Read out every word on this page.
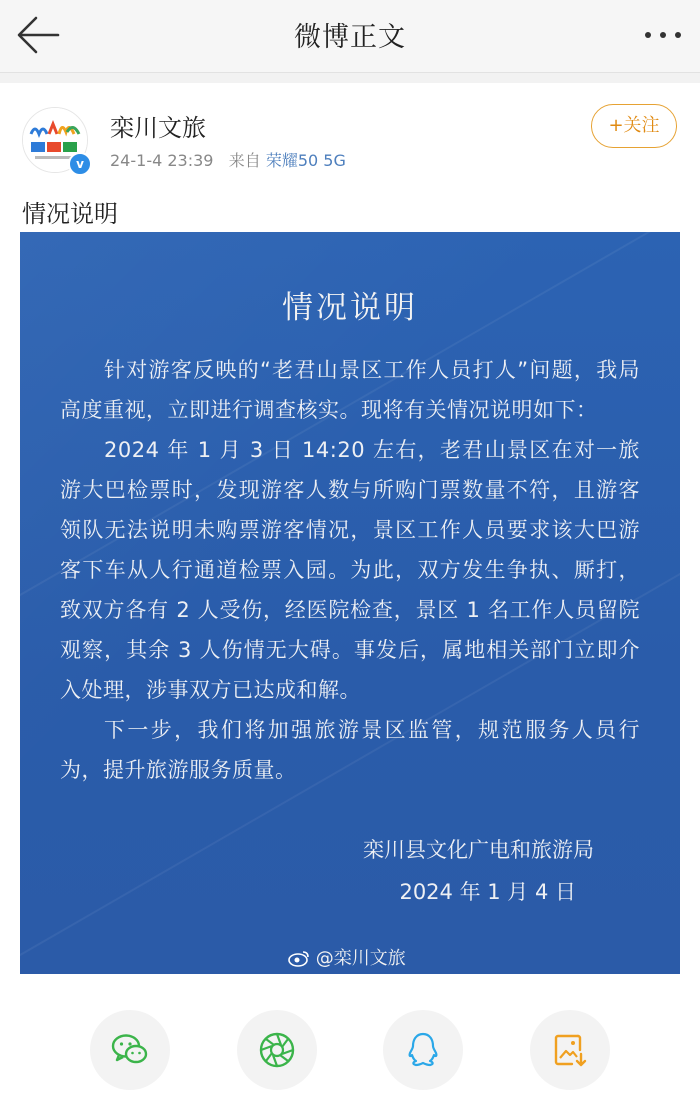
微博正文
v
栾川文旅
24-1-4 23:39 来自 荣耀50 5G
+关注
情况说明
情况说明
针对游客反映的“老君山景区工作人员打人”问题，我局高度重视，立即进行调查核实。现将有关情况说明如下：
2024 年 1 月 3 日 14:20 左右，老君山景区在对一旅游大巴检票时，发现游客人数与所购门票数量不符，且游客领队无法说明未购票游客情况，景区工作人员要求该大巴游客下车从人行通道检票入园。为此，双方发生争执、厮打，致双方各有 2 人受伤，经医院检查，景区 1 名工作人员留院观察，其余 3 人伤情无大碍。事发后，属地相关部门立即介入处理，涉事双方已达成和解。
下一步，我们将加强旅游景区监管，规范服务人员行为，提升旅游服务质量。
栾川县文化广电和旅游局
2024 年 1 月 4 日
@栾川文旅
